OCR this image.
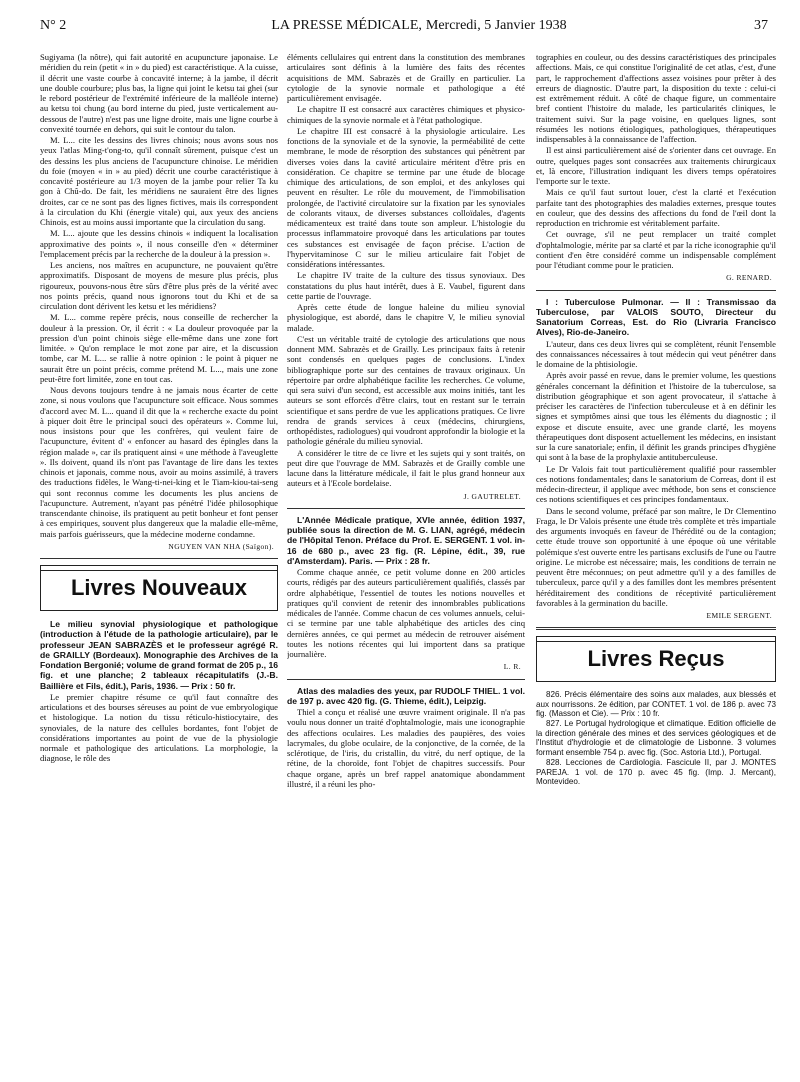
N° 2	LA PRESSE MÉDICALE, Mercredi, 5 Janvier 1938	37

Sugiyama (la nôtre), qui fait autorité en acupuncture japonaise. Le méridien du rein (petit « in » du pied) est caractéristique. A la cuisse, il décrit une vaste courbe à concavité interne; à la jambe, il décrit une double courbure; plus bas, la ligne qui joint le ketsu tai ghei (sur le rebord postérieur de l'extrémité inférieure de la malléole interne) au ketsu toi chung (au bord interne du pied, juste verticalement au-dessous de l'autre) n'est pas une ligne droite, mais une ligne courbe à convexité tournée en dehors, qui suit le contour du talon.

M. L... cite les dessins des livres chinois; nous avons sous nos yeux l'atlas Ming-t'ong-to, qu'il connaît sûrement, puisque c'est un des dessins les plus anciens de l'acupuncture chinoise. Le méridien du foie (moyen « in » au pied) décrit une courbe caractéristique à concavité postérieure au 1/3 moyen de la jambe pour relier Ta ku gon à Chû-do. De fait, les méridiens ne sauraient être des lignes droites, car ce ne sont pas des lignes fictives, mais ils correspondent à la circulation du Khi (énergie vitale) qui, aux yeux des anciens Chinois, est au moins aussi importante que la circulation du sang.

M. L... ajoute que les dessins chinois « indiquent la localisation approximative des points », il nous conseille d'en « déterminer l'emplacement précis par la recherche de la douleur à la pression ».

Les anciens, nos maîtres en acupuncture, ne pouvaient qu'être approximatifs. Disposant de moyens de mesure plus précis, plus rigoureux, pouvons-nous être sûrs d'être plus près de la vérité avec nos points précis, quand nous ignorons tout du Khi et de sa circulation dont dérivent les ketsu et les méridiens?

M. L... comme repère précis, nous conseille de rechercher la douleur à la pression. Or, il écrit : « La douleur provoquée par la pression d'un point chinois siège elle-même dans une zone fort limitée. » Qu'on remplace le mot zone par aire, et la discussion tombe, car M. L... se rallie à notre opinion : le point à piquer ne saurait être un point précis, comme prétend M. L..., mais une zone peut-être fort limitée, zone en tout cas.

Nous devons toujours tendre à ne jamais nous écarter de cette zone, si nous voulons que l'acupuncture soit efficace. Nous sommes d'accord avec M. L... quand il dit que la « recherche exacte du point à piquer doit être le principal souci des opérateurs ». Comme lui, nous insistons pour que les confrères, qui veulent faire de l'acupuncture, évitent d' « enfoncer au hasard des épingles dans la région malade », car ils pratiquent ainsi « une méthode à l'aveuglette ». Ils doivent, quand ils n'ont pas l'avantage de lire dans les textes chinois et japonais, comme nous, avoir au moins assimilé, à travers des traductions fidèles, le Wang-ti-nei-king et le Tiam-kiou-tai-seng qui sont reconnus comme les documents les plus anciens de l'acupuncture. Autrement, n'ayant pas pénétré l'idée philosophique transcendante chinoise, ils pratiquent au petit bonheur et font penser à ces empiriques, souvent plus dangereux que la maladie elle-même, mais parfois guérisseurs, que la médecine moderne condamne.

NGUYEN VAN NHA (Saïgon).
Livres Nouveaux

Le milieu synovial physiologique et pathologique (introduction à l'étude de la pathologie articulaire), par le professeur JEAN SABRAZÈS et le professeur agrégé R. de GRAILLY (Bordeaux). Monographie des Archives de la Fondation Bergonié; volume de grand format de 205 p., 16 fig. et une planche; 2 tableaux récapitulatifs (J.-B. Baillière et Fils, édit.), Paris, 1936. — Prix : 50 fr.

Le premier chapitre résume ce qu'il faut connaître des articulations et des bourses séreuses au point de vue embryologique et histologique. La notion du tissu réticulo-histiocytaire, des synoviales, de la nature des cellules bordantes, font l'objet de considérations importantes au point de vue de la physiologie normale et pathologique des articulations. La morphologie, la diagnose, le rôle des

éléments cellulaires qui entrent dans la constitution des membranes articulaires sont définis à la lumière des faits des récentes acquisitions de MM. Sabrazès et de Grailly en particulier. La cytologie de la synovie normale et pathologique a été particulièrement envisagée.

Le chapitre II est consacré aux caractères chimiques et physico-chimiques de la synovie normale et à l'état pathologique.

Le chapitre III est consacré à la physiologie articulaire. Les fonctions de la synoviale et de la synovie, la perméabilité de cette membrane, le mode de résorption des substances qui pénètrent par diverses voies dans la cavité articulaire méritent d'être pris en considération. Ce chapitre se termine par une étude de blocage chimique des articulations, de son emploi, et des ankyloses qui peuvent en résulter. Le rôle du mouvement, de l'immobilisation prolongée, de l'activité circulatoire sur la fixation par les synoviales de colorants vitaux, de diverses substances colloïdales, d'agents médicamenteux est traité dans toute son ampleur. L'histologie du processus inflammatoire provoqué dans les articulations par toutes ces substances est envisagée de façon précise. L'action de l'hypervitaminose C sur le milieu articulaire fait l'objet de considérations intéressantes.

Le chapitre IV traite de la culture des tissus synoviaux. Des constatations du plus haut intérêt, dues à E. Vaubel, figurent dans cette partie de l'ouvrage.

Après cette étude de longue haleine du milieu synovial physiologique, est abordé, dans le chapitre V, le milieu synovial malade.

C'est un véritable traité de cytologie des articulations que nous donnent MM. Sabrazès et de Grailly. Les principaux faits à retenir sont condensés en quelques pages de conclusions. L'index bibliographique porte sur des centaines de travaux originaux. Un répertoire par ordre alphabétique facilite les recherches. Ce volume, qui sera suivi d'un second, est accessible aux moins initiés, tant les auteurs se sont efforcés d'être clairs, tout en restant sur le terrain scientifique et sans perdre de vue les applications pratiques. Ce livre rendra de grands services à ceux (médecins, chirurgiens, orthopédistes, radiologues) qui voudront approfondir la biologie et la pathologie générale du milieu synovial.

A considérer le titre de ce livre et les sujets qui y sont traités, on peut dire que l'ouvrage de MM. Sabrazès et de Grailly comble une lacune dans la littérature médicale, il fait le plus grand honneur aux auteurs et à l'Ecole bordelaise.

J. GAUTRELET.

L'Année Médicale pratique, XVIe année, édition 1937, publiée sous la direction de M. G. LIAN, agrégé, médecin de l'Hôpital Tenon. Préface du Prof. E. SERGENT. 1 vol. in-16 de 680 p., avec 23 fig. (R. Lépine, édit., 39, rue d'Amsterdam). Paris. — Prix : 28 fr.

Comme chaque année, ce petit volume donne en 200 articles courts, rédigés par des auteurs particulièrement qualifiés, classés par ordre alphabétique, l'essentiel de toutes les notions nouvelles et pratiques qu'il convient de retenir des innombrables publications médicales de l'année. Comme chacun de ces volumes annuels, celui-ci se termine par une table alphabétique des articles des cinq dernières années, ce qui permet au médecin de retrouver aisément toutes les notions récentes qui lui importent dans sa pratique journalière.

L. R.

Atlas des maladies des yeux, par RUDOLF THIEL. 1 vol. de 197 p. avec 420 fig. (G. Thieme, édit.), Leipzig.

Thiel a conçu et réalisé une œuvre vraiment originale. Il n'a pas voulu nous donner un traité d'ophtalmologie, mais une iconographie des affections oculaires. Les maladies des paupières, des voies lacrymales, du globe oculaire, de la conjonctive, de la cornée, de la sclérotique, de l'iris, du cristallin, du vitré, du nerf optique, de la rétine, de la choroïde, font l'objet de chapitres successifs. Pour chaque organe, après un bref rappel anatomique abondamment illustré, il a réuni les pho-

tographies en couleur, ou des dessins caractéristiques des principales affections. Mais, ce qui constitue l'originalité de cet atlas, c'est, d'une part, le rapprochement d'affections assez voisines pour prêter à des erreurs de diagnostic. D'autre part, la disposition du texte : celui-ci est extrêmement réduit. A côté de chaque figure, un commentaire bref contient l'histoire du malade, les particularités cliniques, le traitement suivi. Sur la page voisine, en quelques lignes, sont résumées les notions étiologiques, pathologiques, thérapeutiques indispensables à la connaissance de l'affection.

Il est ainsi particulièrement aisé de s'orienter dans cet ouvrage. En outre, quelques pages sont consacrées aux traitements chirurgicaux et, là encore, l'illustration indiquant les divers temps opératoires l'emporte sur le texte.

Mais ce qu'il faut surtout louer, c'est la clarté et l'exécution parfaite tant des photographies des maladies externes, presque toutes en couleur, que des dessins des affections du fond de l'œil dont la reproduction en trichromie est véritablement parfaite.

Cet ouvrage, s'il ne peut remplacer un traité complet d'ophtalmologie, mérite par sa clarté et par la riche iconographie qu'il contient d'en être considéré comme un indispensable complément pour l'étudiant comme pour le praticien.

G. RENARD.

I : Tuberculose Pulmonar. — II : Transmissao da Tuberculose, par VALOIS SOUTO, Directeur du Sanatorium Correas, Est. do Rio (Livraria Francisco Alves), Rio-de-Janeiro.

L'auteur, dans ces deux livres qui se complètent, réunit l'ensemble des connaissances nécessaires à tout médecin qui veut pénétrer dans le domaine de la phtisiologie.

Après avoir passé en revue, dans le premier volume, les questions générales concernant la définition et l'histoire de la tuberculose, sa distribution géographique et son agent provocateur, il s'attache à préciser les caractères de l'infection tuberculeuse et à en définir les signes et symptômes ainsi que tous les éléments du diagnostic ; il expose et discute ensuite, avec une grande clarté, les moyens thérapeutiques dont disposent actuellement les médecins, en insistant sur la cure sanatoriale; enfin, il définit les grands principes d'hygiène qui sont à la base de la prophylaxie antituberculeuse.

Le Dr Valois fait tout particulièrement qualifié pour rassembler ces notions fondamentales; dans le sanatorium de Correas, dont il est médecin-directeur, il applique avec méthode, bon sens et conscience ces notions scientifiques et ces principes fondamentaux.

Dans le second volume, préfacé par son maître, le Dr Clementino Fraga, le Dr Valois présente une étude très complète et très impartiale des arguments invoqués en faveur de l'hérédité ou de la contagion; cette étude trouve son opportunité à une époque où une véritable polémique s'est ouverte entre les partisans exclusifs de l'une ou l'autre origine. Le microbe est nécessaire; mais, les conditions de terrain ne peuvent être méconnues; on peut admettre qu'il y a des familles de tuberculeux, parce qu'il y a des familles dont les membres présentent héréditairement des conditions de réceptivité particulièrement favorables à la germination du bacille.

EMILE SERGENT.
Livres Reçus

826. Précis élémentaire des soins aux malades, aux blessés et aux nourrissons. 2e édition, par CONTET. 1 vol. de 186 p. avec 73 fig. (Masson et Cie). — Prix : 10 fr.

827. Le Portugal hydrologique et climatique. Edition officielle de la direction générale des mines et des services géologiques et de l'Institut d'hydrologie et de climatologie de Lisbonne. 3 volumes formant ensemble 754 p. avec fig. (Soc. Astoria Ltd.), Portugal.

828. Lecciones de Cardiologia. Fascicule II, par J. MONTES PAREJA. 1 vol. de 170 p. avec 45 fig. (Imp. J. Mercant), Montevideo.
